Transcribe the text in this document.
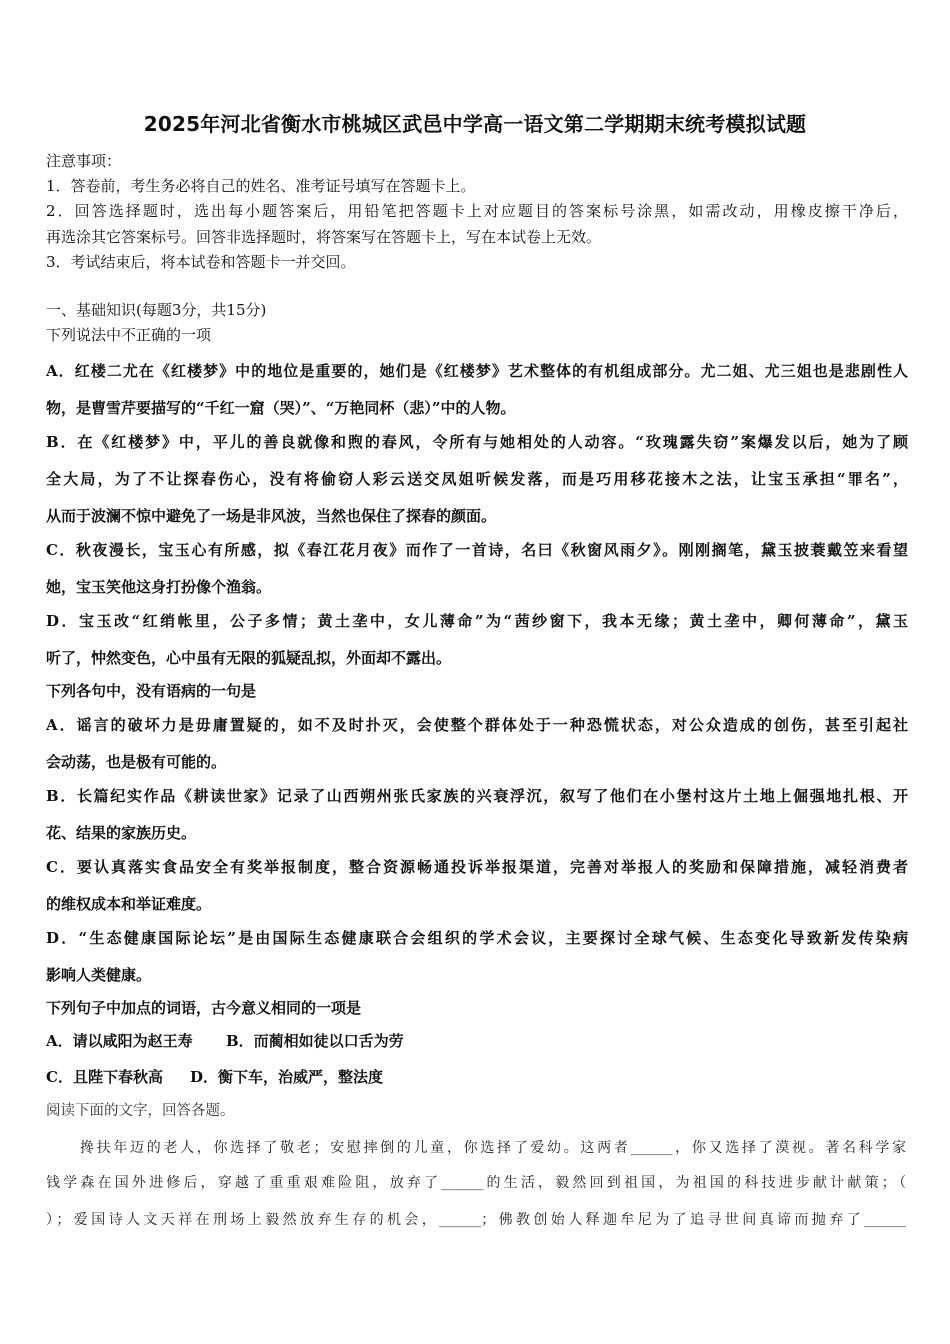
2025年河北省衡水市桃城区武邑中学高一语文第二学期期末统考模拟试题
注意事项：
1．答卷前，考生务必将自己的姓名、准考证号填写在答题卡上。
2．回答选择题时，选出每小题答案后，用铅笔把答题卡上对应题目的答案标号涂黑，如需改动，用橡皮擦干净后，
再选涂其它答案标号。回答非选择题时，将答案写在答题卡上，写在本试卷上无效。
3．考试结束后，将本试卷和答题卡一并交回。
一、基础知识(每题3分，共15分)
下列说法中不正确的一项
A．红楼二尤在《红楼梦》中的地位是重要的，她们是《红楼梦》艺术整体的有机组成部分。尤二姐、尤三姐也是悲剧性人
物，是曹雪芹要描写的“千红一窟（哭）”、“万艳同杯（悲）”中的人物。
B．在《红楼梦》中，平儿的善良就像和煦的春风，令所有与她相处的人动容。“玫瑰露失窃”案爆发以后，她为了顾
全大局，为了不让探春伤心，没有将偷窃人彩云送交凤姐听候发落，而是巧用移花接木之法，让宝玉承担“罪名”，
从而于波澜不惊中避免了一场是非风波，当然也保住了探春的颜面。
C．秋夜漫长，宝玉心有所感，拟《春江花月夜》而作了一首诗，名曰《秋窗风雨夕》。刚刚搁笔，黛玉披蓑戴笠来看望
她，宝玉笑他这身打扮像个渔翁。
D．宝玉改“红绡帐里，公子多情；黄土垄中，女儿薄命”为“茜纱窗下，我本无缘；黄土垄中，卿何薄命”，黛玉
听了，忡然变色，心中虽有无限的狐疑乱拟，外面却不露出。
下列各句中，没有语病的一句是
A．谣言的破坏力是毋庸置疑的，如不及时扑灭，会使整个群体处于一种恐慌状态，对公众造成的创伤，甚至引起社
会动荡，也是极有可能的。
B．长篇纪实作品《耕读世家》记录了山西朔州张氏家族的兴衰浮沉，叙写了他们在小堡村这片土地上倔强地扎根、开
花、结果的家族历史。
C．要认真落实食品安全有奖举报制度，整合资源畅通投诉举报渠道，完善对举报人的奖励和保障措施，减轻消费者
的维权成本和举证难度。
D．“生态健康国际论坛”是由国际生态健康联合会组织的学术会议，主要探讨全球气候、生态变化导致新发传染病
影响人类健康。
下列句子中加点的词语，古今意义相同的一项是
A．请以咸阳为赵王寿 B．而蔺相如徒以口舌为劳
C．且陛下春秋高 D．衡下车，治威严，整法度
阅读下面的文字，回答各题。
搀扶年迈的老人，你选择了敬老；安慰摔倒的儿童，你选择了爱幼。这两者______，你又选择了漠视。著名科学家
钱学森在国外进修后，穿越了重重艰难险阻，放弃了______的生活，毅然回到祖国，为祖国的科技进步献计献策；（
）；爱国诗人文天祥在刑场上毅然放弃生存的机会，______；佛教创始人释迦牟尼为了追寻世间真谛而抛弃了______
